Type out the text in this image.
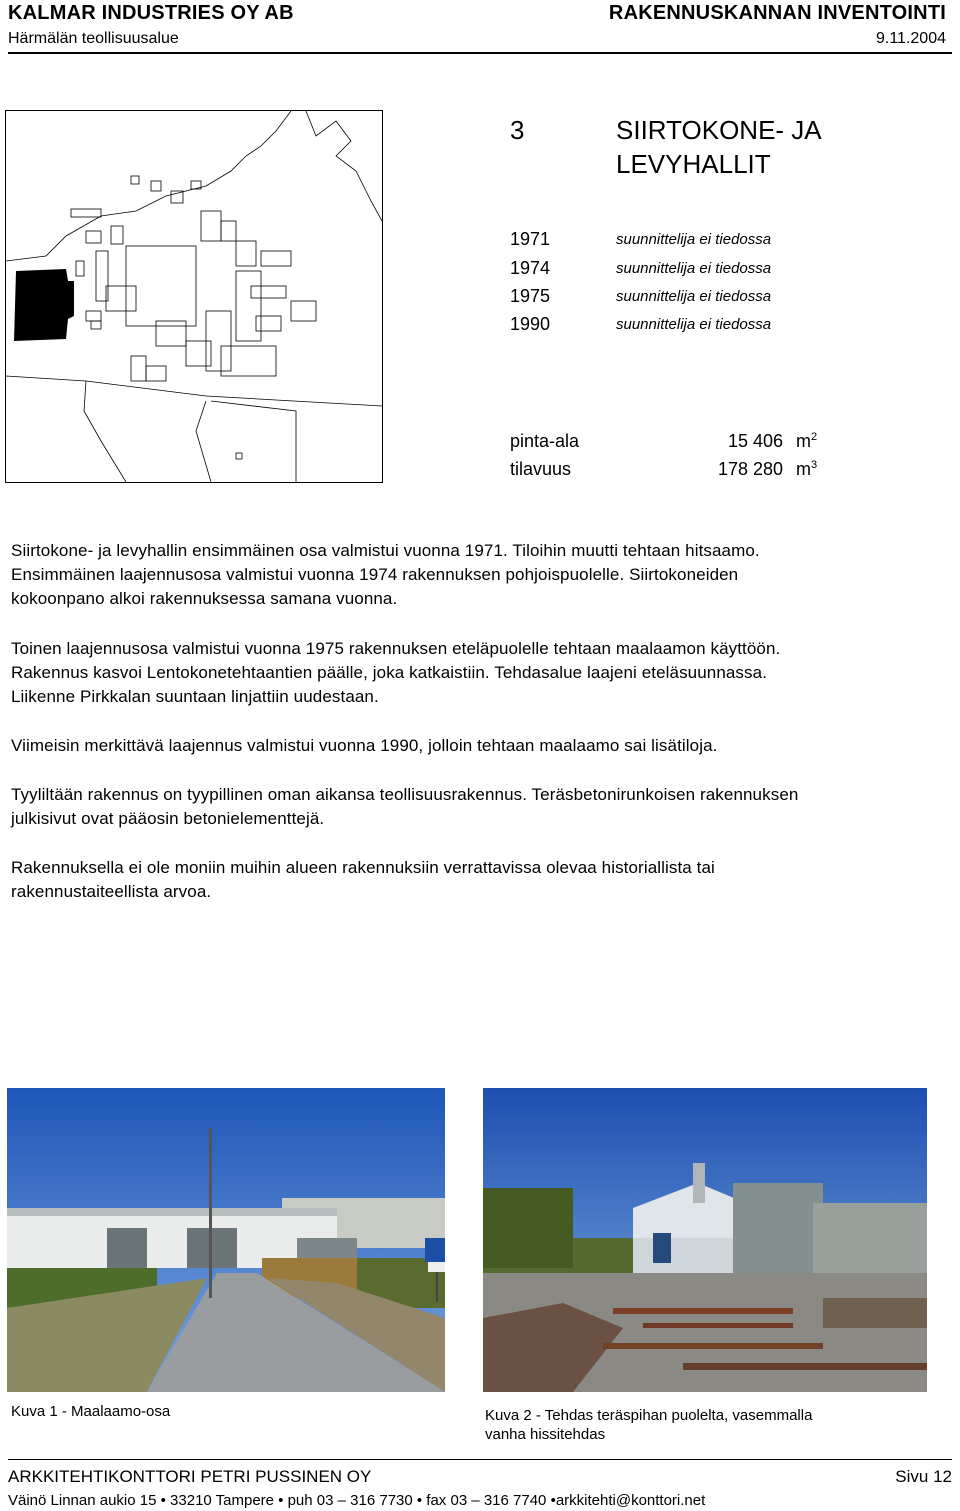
KALMAR INDUSTRIES OY AB	RAKENNUSKANNAN INVENTOINTI
Härmälän teollisuusalue	9.11.2004
3	SIIRTOKONE- JA
LEVYHALLIT
1971	suunnittelija ei tiedossa
1974	suunnittelija ei tiedossa
1975	suunnittelija ei tiedossa
1990	suunnittelija ei tiedossa
pinta-ala	15 406 $m^2$
tilavuus	178 280 $m^3$
Siirtokone- ja levyhallin ensimmäinen osa valmistui vuonna 1971. Tiloihin muutti tehtaan hitsaamo.
Ensimmäinen laajennusosa valmistui vuonna 1974 rakennuksen pohjoispuolelle. Siirtokoneiden
kokoonpano alkoi rakennuksessa samana vuonna.
Toinen laajennusosa valmistui vuonna 1975 rakennuksen eteläpuolelle tehtaan maalaamon käyttöön.
Rakennus kasvoi Lentokonetehtaantien päälle, joka katkaistiin. Tehdasalue laajeni eteläsuunnassa.
Liikenne Pirkkalan suuntaan linjattiin uudestaan.
Viimeisin merkittävä laajennus valmistui vuonna 1990, jolloin tehtaan maalaamo sai lisätiloja.
Tyyliltään rakennus on tyypillinen oman aikansa teollisuusrakennus. Teräsbetonirunkoisen rakennuksen
julkisivut ovat pääosin betonielementtejä.
Rakennuksella ei ole moniin muihin alueen rakennuksiin verrattavissa olevaa historiallista tai
rakennustaiteellista arvoa.
Kuva 1 - Maalaamo-osa	Kuva 2 - Tehdas teräspihan puolelta, vasemmalla
vanha hissitehdas
ARKKITEHTIKONTTORI PETRI PUSSINEN OY	Sivu 12
Väinö Linnan aukio 15 • 33210 Tampere • puh 03 – 316 7730 • fax 03 – 316 7740 •arkkitehti@konttori.net
